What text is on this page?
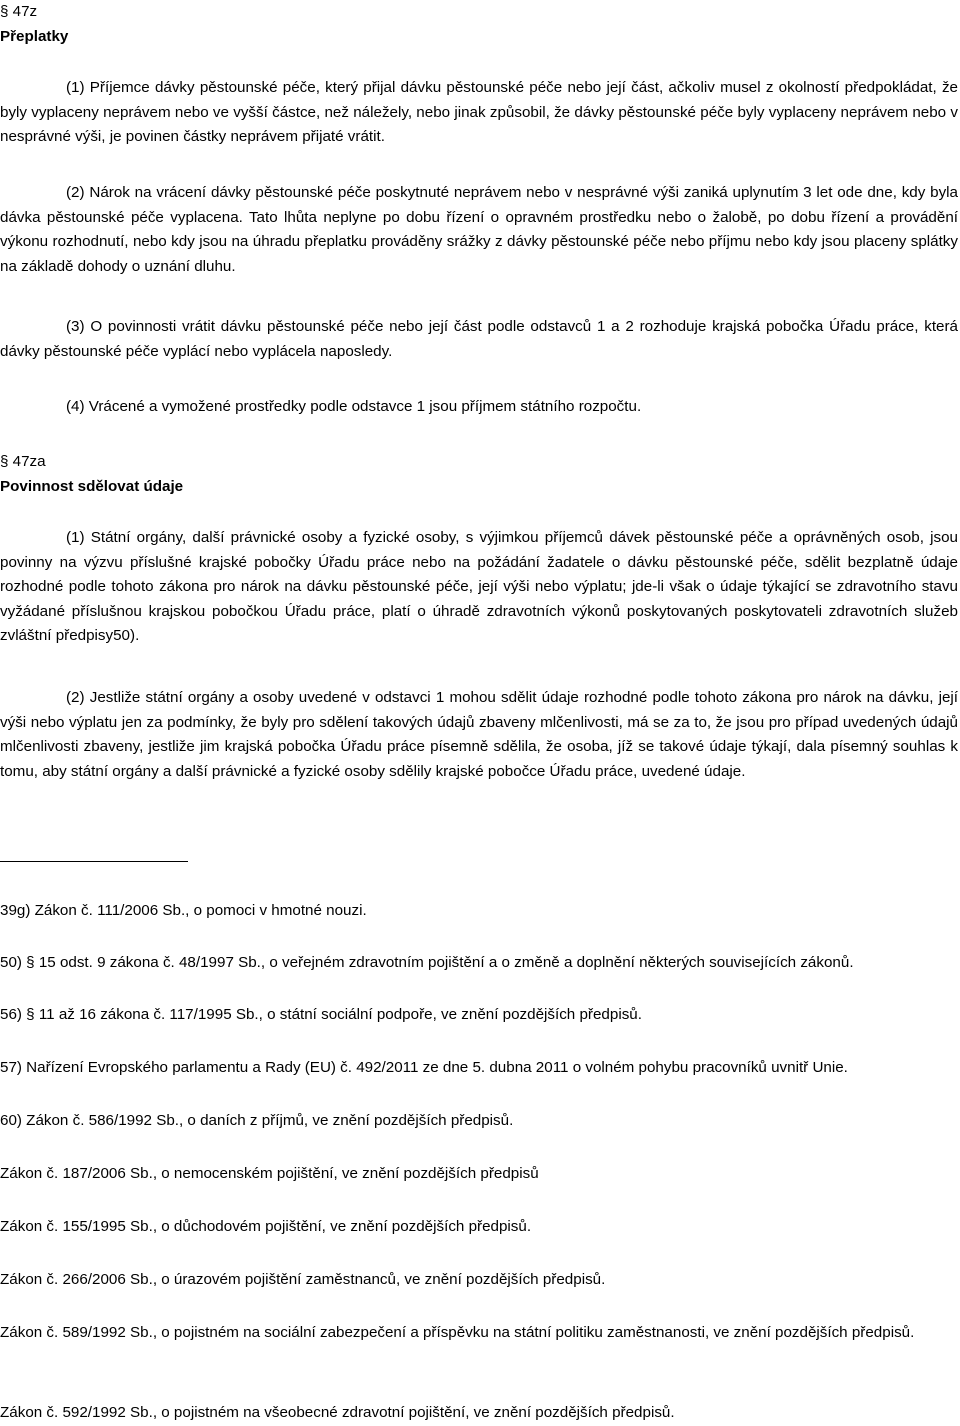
§ 47z
Přeplatky

(1) Příjemce dávky pěstounské péče, který přijal dávku pěstounské péče nebo její část, ačkoliv musel z okolností předpokládat, že byly vyplaceny neprávem nebo ve vyšší částce, než náležely, nebo jinak způsobil, že dávky pěstounské péče byly vyplaceny neprávem nebo v nesprávné výši, je povinen částky neprávem přijaté vrátit.

(2) Nárok na vrácení dávky pěstounské péče poskytnuté neprávem nebo v nesprávné výši zaniká uplynutím 3 let ode dne, kdy byla dávka pěstounské péče vyplacena. Tato lhůta neplyne po dobu řízení o opravném prostředku nebo o žalobě, po dobu řízení a provádění výkonu rozhodnutí, nebo kdy jsou na úhradu přeplatku prováděny srážky z dávky pěstounské péče nebo příjmu nebo kdy jsou placeny splátky na základě dohody o uznání dluhu.

(3) O povinnosti vrátit dávku pěstounské péče nebo její část podle odstavců 1 a 2 rozhoduje krajská pobočka Úřadu práce, která dávky pěstounské péče vyplácí nebo vyplácela naposledy.

(4) Vrácené a vymožené prostředky podle odstavce 1 jsou příjmem státního rozpočtu.

§ 47za
Povinnost sdělovat údaje

(1) Státní orgány, další právnické osoby a fyzické osoby, s výjimkou příjemců dávek pěstounské péče a oprávněných osob, jsou povinny na výzvu příslušné krajské pobočky Úřadu práce nebo na požádání žadatele o dávku pěstounské péče, sdělit bezplatně údaje rozhodné podle tohoto zákona pro nárok na dávku pěstounské péče, její výši nebo výplatu; jde-li však o údaje týkající se zdravotního stavu vyžádané příslušnou krajskou pobočkou Úřadu práce, platí o úhradě zdravotních výkonů poskytovaných poskytovateli zdravotních služeb zvláštní předpisy50).

(2) Jestliže státní orgány a osoby uvedené v odstavci 1 mohou sdělit údaje rozhodné podle tohoto zákona pro nárok na dávku, její výši nebo výplatu jen za podmínky, že byly pro sdělení takových údajů zbaveny mlčenlivosti, má se za to, že jsou pro případ uvedených údajů mlčenlivosti zbaveny, jestliže jim krajská pobočka Úřadu práce písemně sdělila, že osoba, jíž se takové údaje týkají, dala písemný souhlas k tomu, aby státní orgány a další právnické a fyzické osoby sdělily krajské pobočce Úřadu práce, uvedené údaje.

39g) Zákon č. 111/2006 Sb., o pomoci v hmotné nouzi.

50) § 15 odst. 9 zákona č. 48/1997 Sb., o veřejném zdravotním pojištění a o změně a doplnění některých souvisejících zákonů.

56) § 11 až 16 zákona č. 117/1995 Sb., o státní sociální podpoře, ve znění pozdějších předpisů.

57) Nařízení Evropského parlamentu a Rady (EU) č. 492/2011 ze dne 5. dubna 2011 o volném pohybu pracovníků uvnitř Unie.

60) Zákon č. 586/1992 Sb., o daních z příjmů, ve znění pozdějších předpisů.

Zákon č. 187/2006 Sb., o nemocenském pojištění, ve znění pozdějších předpisů

Zákon č. 155/1995 Sb., o důchodovém pojištění, ve znění pozdějších předpisů.

Zákon č. 266/2006 Sb., o úrazovém pojištění zaměstnanců, ve znění pozdějších předpisů.

Zákon č. 589/1992 Sb., o pojistném na sociální zabezpečení a příspěvku na státní politiku zaměstnanosti, ve znění pozdějších předpisů.

Zákon č. 592/1992 Sb., o pojistném na všeobecné zdravotní pojištění, ve znění pozdějších předpisů.
